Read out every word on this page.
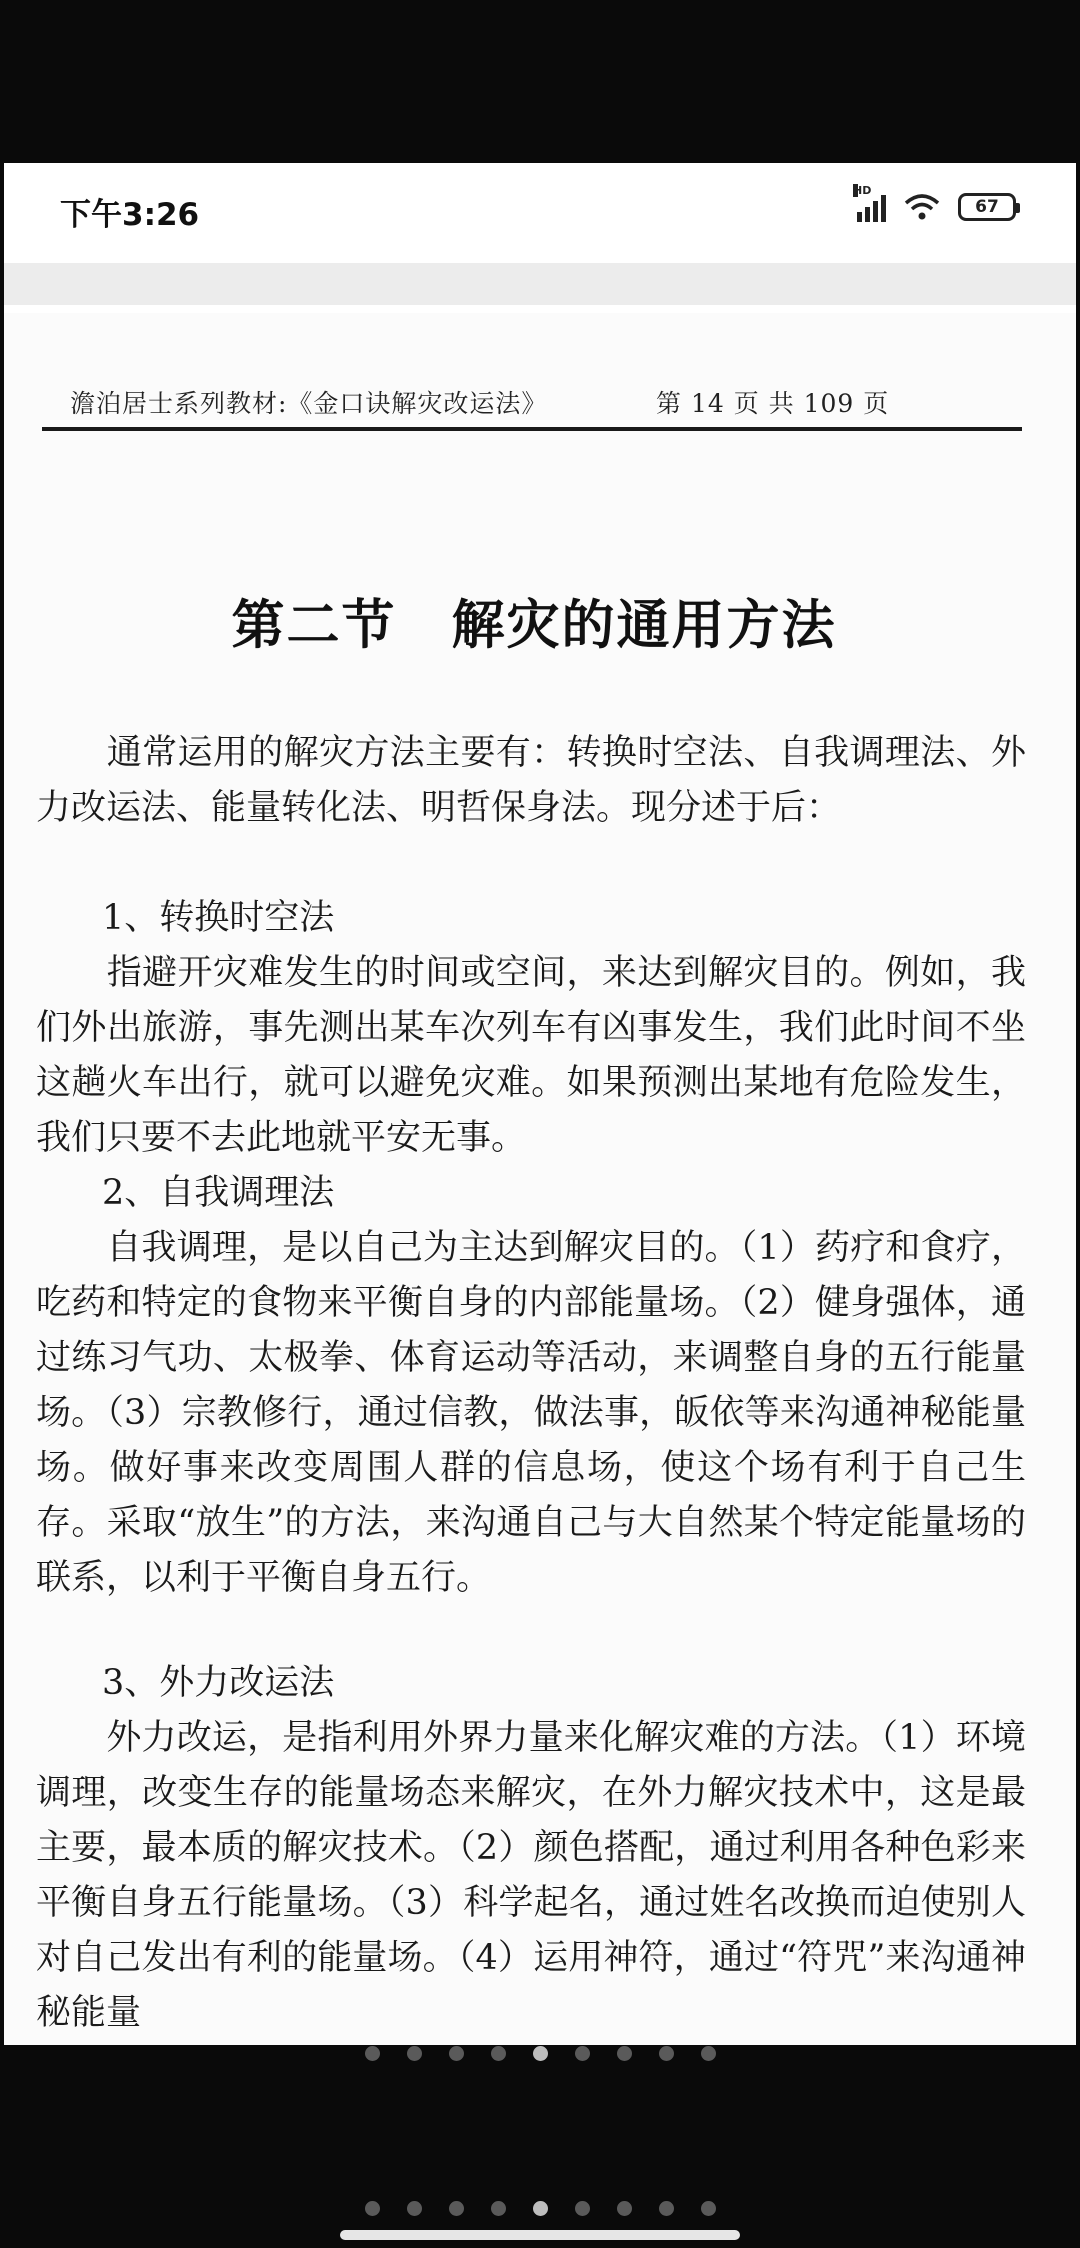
下午3:26
HD
67
澹泊居士系列教材:《金口诀解灾改运法》	第 14 页 共 109 页
第二节　解灾的通用方法
　　通常运用的解灾方法主要有：转换时空法、自我调理法、外力改运法、能量转化法、明哲保身法。现分述于后：
1、转换时空法
　　指避开灾难发生的时间或空间，来达到解灾目的。例如，我们外出旅游，事先测出某车次列车有凶事发生，我们此时间不坐这趟火车出行，就可以避免灾难。如果预测出某地有危险发生，我们只要不去此地就平安无事。
2、自我调理法
　　自我调理，是以自己为主达到解灾目的。（1）药疗和食疗，吃药和特定的食物来平衡自身的内部能量场。（2）健身强体，通过练习气功、太极拳、体育运动等活动，来调整自身的五行能量场。（3）宗教修行，通过信教，做法事，皈依等来沟通神秘能量场。做好事来改变周围人群的信息场，使这个场有利于自己生存。采取“放生”的方法，来沟通自己与大自然某个特定能量场的联系，以利于平衡自身五行。
3、外力改运法
　　外力改运，是指利用外界力量来化解灾难的方法。（1）环境调理，改变生存的能量场态来解灾，在外力解灾技术中，这是最主要，最本质的解灾技术。（2）颜色搭配，通过利用各种色彩来平衡自身五行能量场。（3）科学起名，通过姓名改换而迫使别人对自己发出有利的能量场。（4）运用神符，通过“符咒”来沟通神秘能量
